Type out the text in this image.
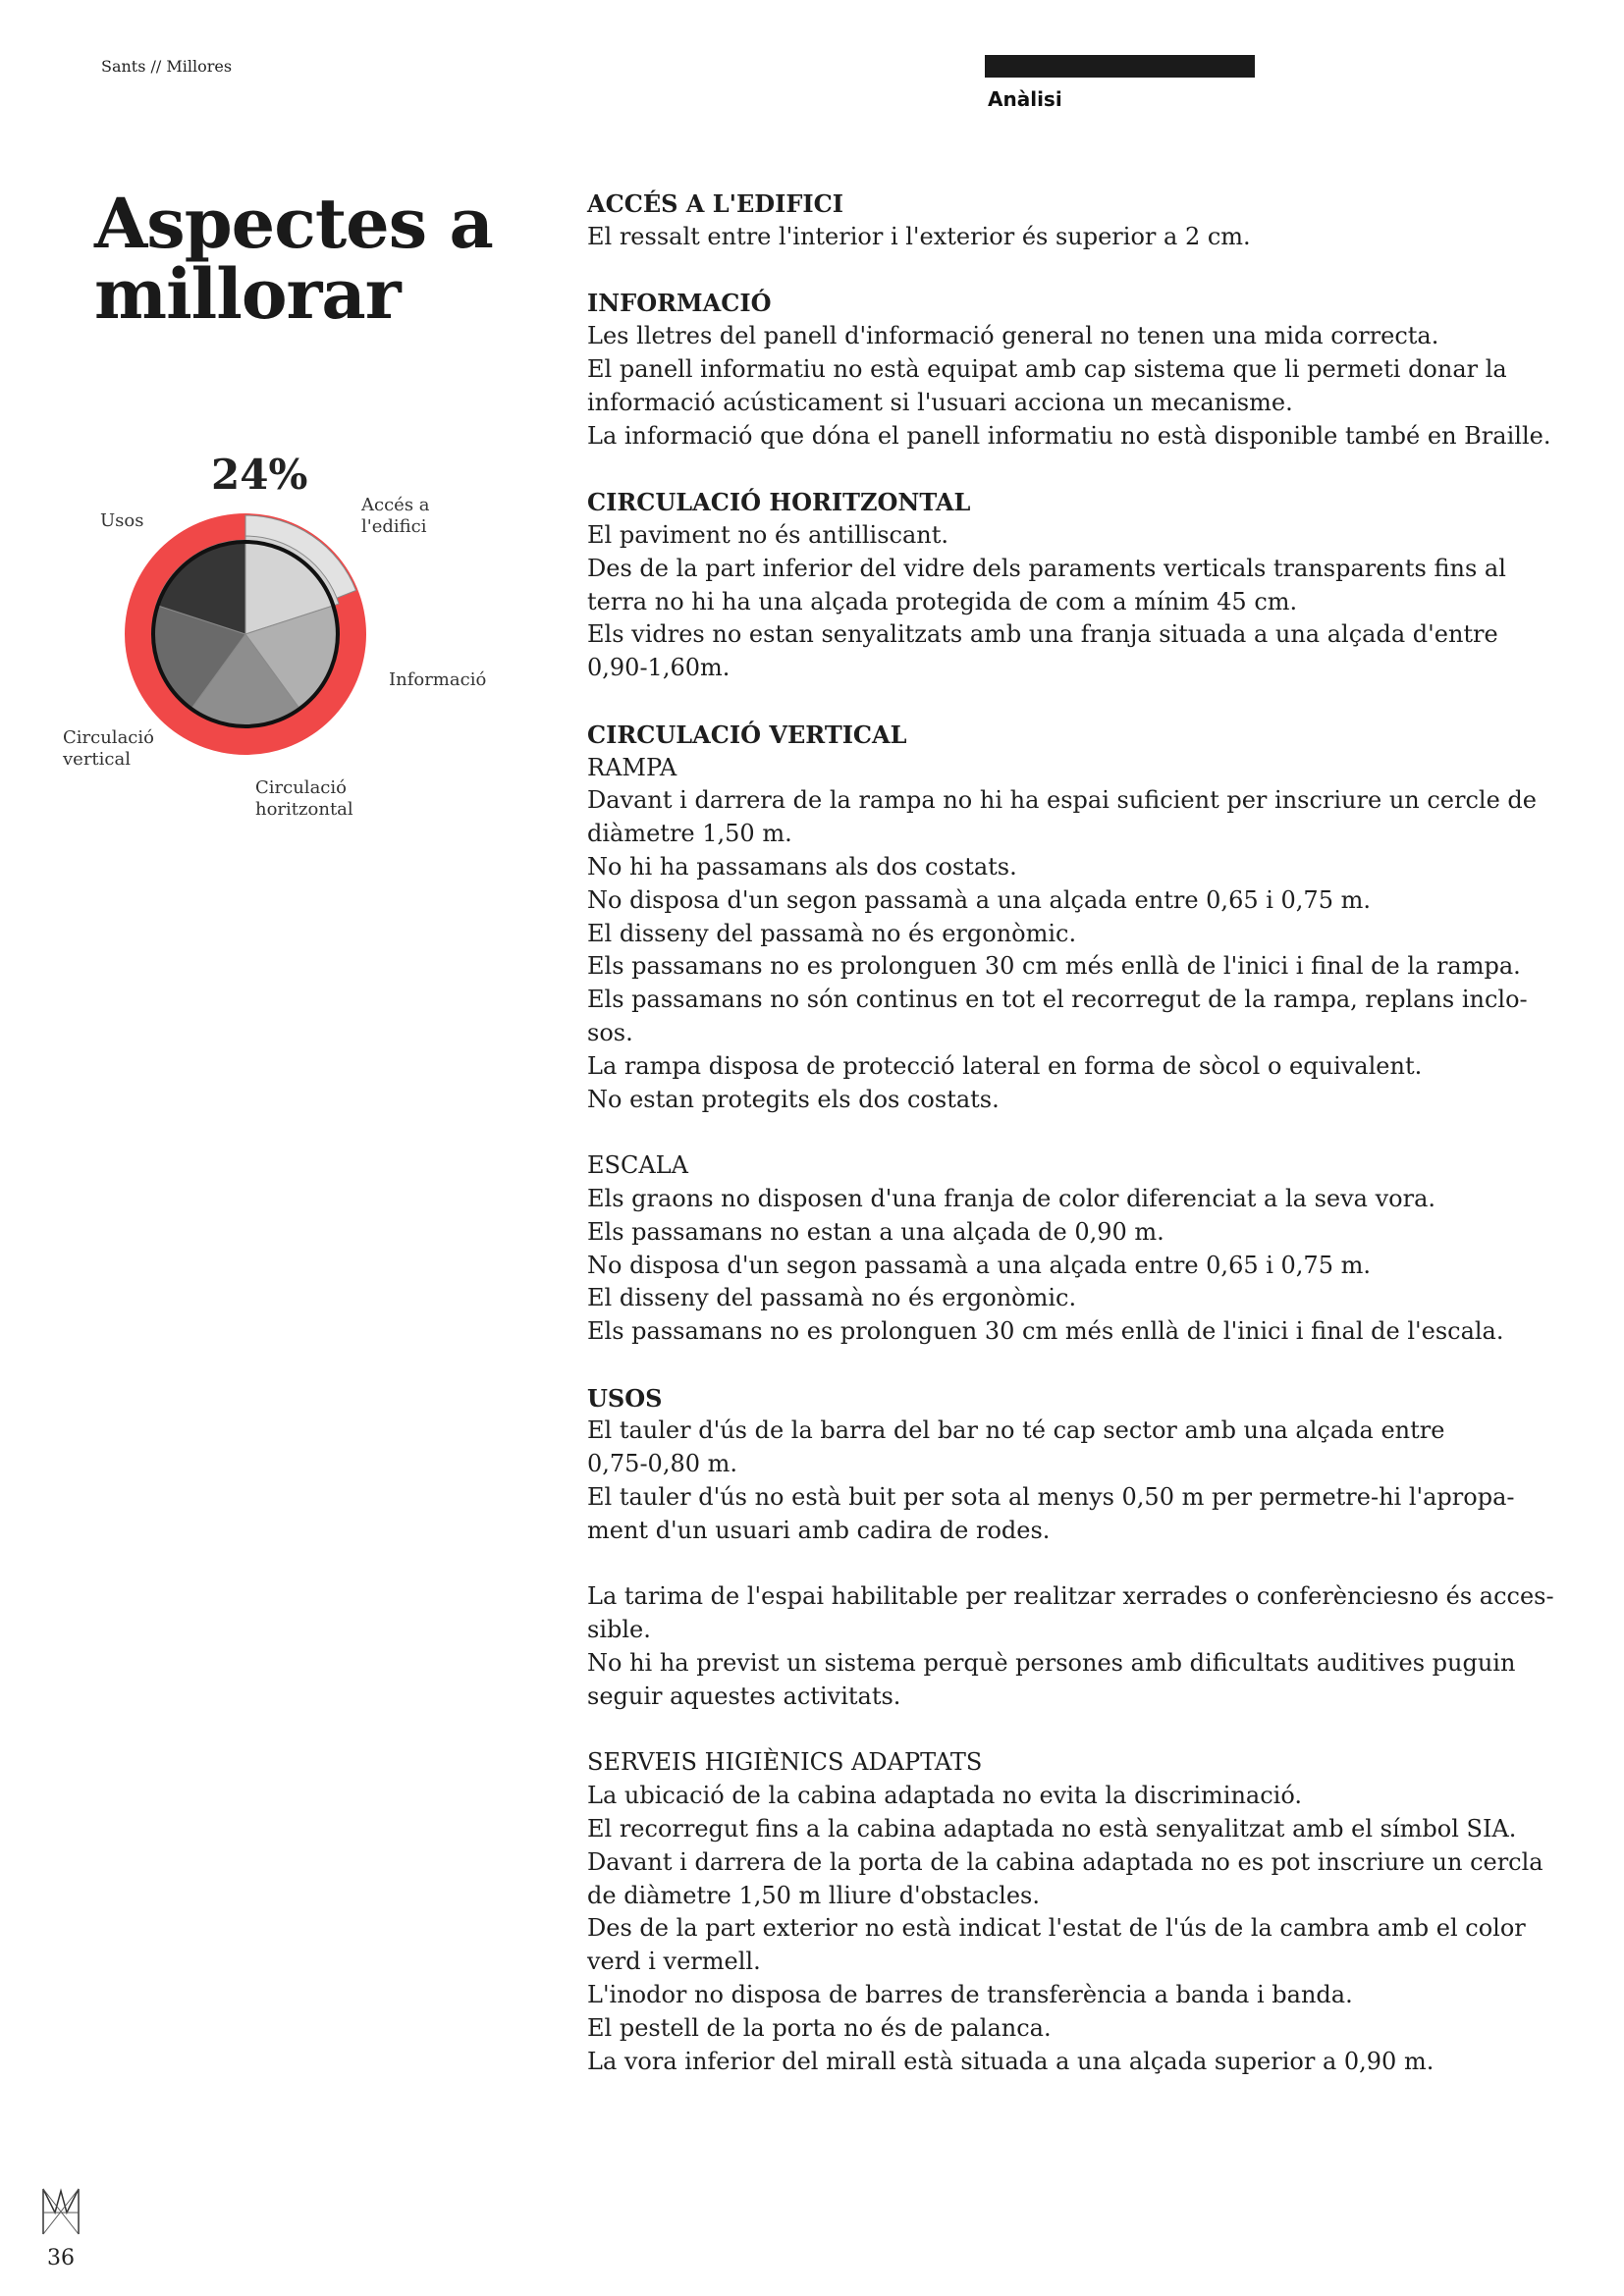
Sants // Millores
Anàlisi
Aspectes a millorar
24%
Accés a
l'edifici
Informació
Circulació
horitzontal
Circulació
vertical
Usos
ACCÉS A L'EDIFICI
El ressalt entre l'interior i l'exterior és superior a 2 cm.
INFORMACIÓ
Les lletres del panell d'informació general no tenen una mida correcta.
El panell informatiu no està equipat amb cap sistema que li permeti donar la
informació acústicament si l'usuari acciona un mecanisme.
La informació que dóna el panell informatiu no està disponible també en Braille.
CIRCULACIÓ HORITZONTAL
El paviment no és antilliscant.
Des de la part inferior del vidre dels paraments verticals transparents fins al
terra no hi ha una alçada protegida de com a mínim 45 cm.
Els vidres no estan senyalitzats amb una franja situada a una alçada d'entre
0,90-1,60m.
CIRCULACIÓ VERTICAL
RAMPA
Davant i darrera de la rampa no hi ha espai suficient per inscriure un cercle de
diàmetre 1,50 m.
No hi ha passamans als dos costats.
No disposa d'un segon passamà a una alçada entre 0,65 i 0,75 m.
El disseny del passamà no és ergonòmic.
Els passamans no es prolonguen 30 cm més enllà de l'inici i final de la rampa.
Els passamans no són continus en tot el recorregut de la rampa, replans inclo-
sos.
La rampa disposa de protecció lateral en forma de sòcol o equivalent.
No estan protegits els dos costats.
ESCALA
Els graons no disposen d'una franja de color diferenciat a la seva vora.
Els passamans no estan a una alçada de 0,90 m.
No disposa d'un segon passamà a una alçada entre 0,65 i 0,75 m.
El disseny del passamà no és ergonòmic.
Els passamans no es prolonguen 30 cm més enllà de l'inici i final de l'escala.
USOS
El tauler d'ús de la barra del bar no té cap sector amb una alçada entre
0,75-0,80 m.
El tauler d'ús no està buit per sota al menys 0,50 m per permetre-hi l'apropa-
ment d'un usuari amb cadira de rodes.
La tarima de l'espai habilitable per realitzar xerrades o conferènciesno és acces-
sible.
No hi ha previst un sistema perquè persones amb dificultats auditives puguin
seguir aquestes activitats.
SERVEIS HIGIÈNICS ADAPTATS
La ubicació de la cabina adaptada no evita la discriminació.
El recorregut fins a la cabina adaptada no està senyalitzat amb el símbol SIA.
Davant i darrera de la porta de la cabina adaptada no es pot inscriure un cercla
de diàmetre 1,50 m lliure d'obstacles.
Des de la part exterior no està indicat l'estat de l'ús de la cambra amb el color
verd i vermell.
L'inodor no disposa de barres de transferència a banda i banda.
El pestell de la porta no és de palanca.
La vora inferior del mirall està situada a una alçada superior a 0,90 m.
36
